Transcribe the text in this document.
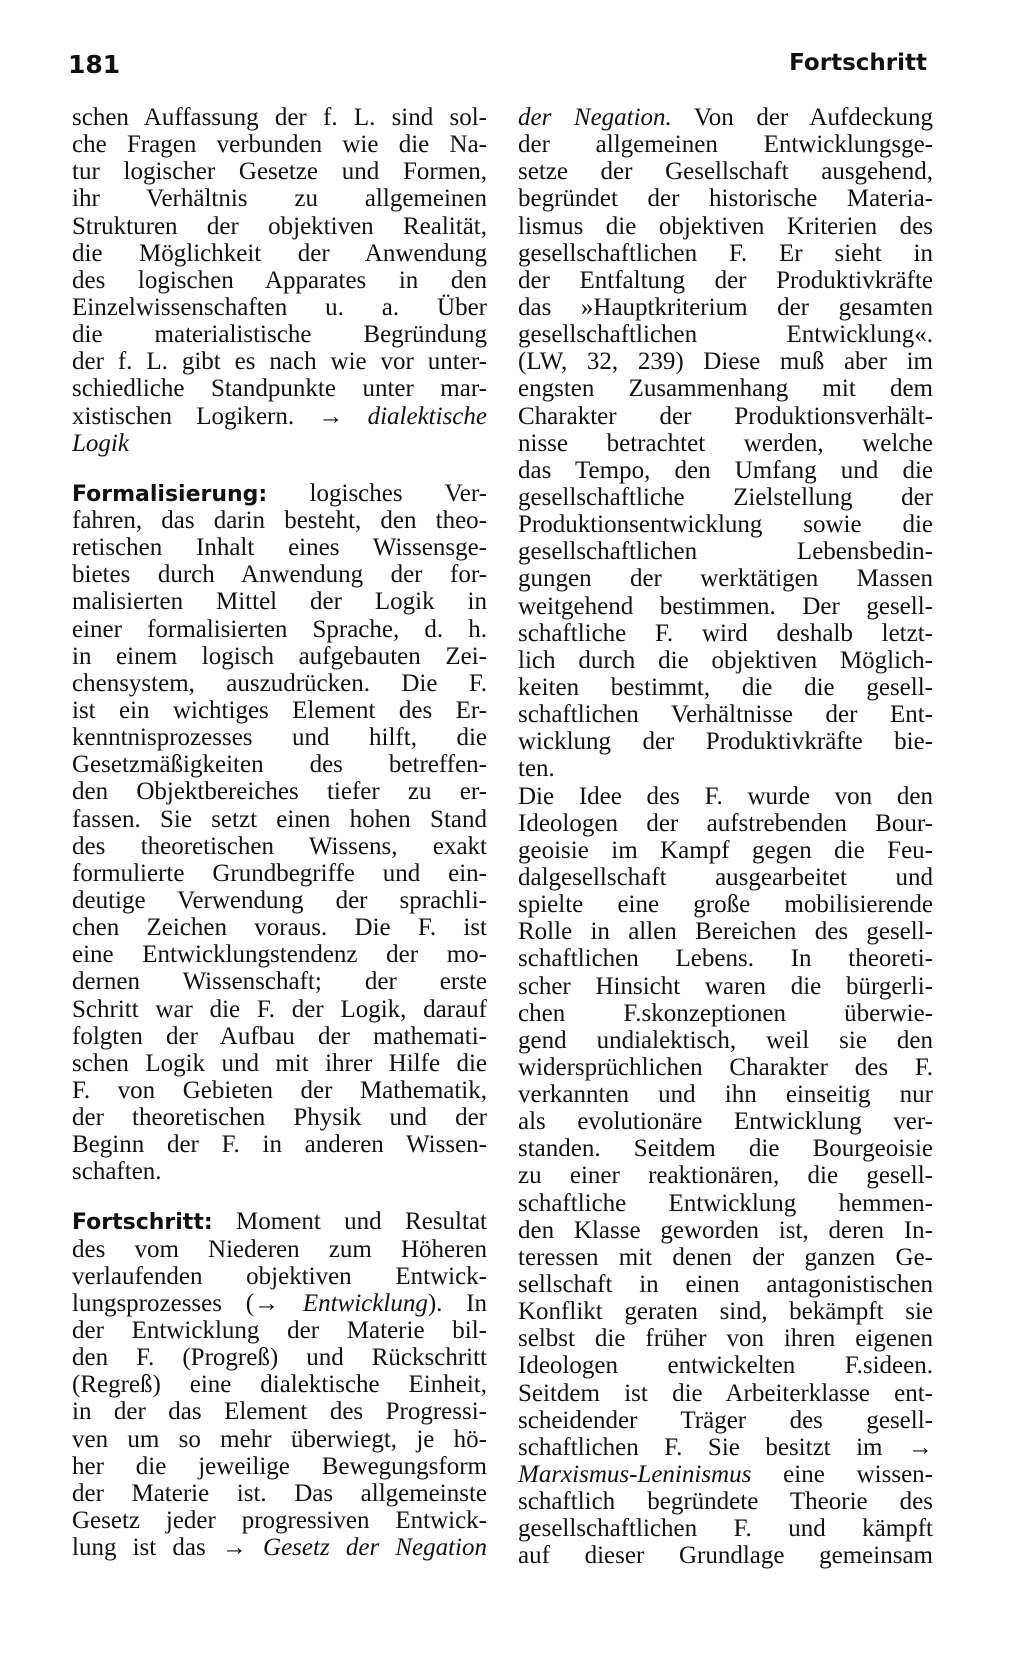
181	Fortschritt
schen Auffassung der f. L. sind sol-
che Fragen verbunden wie die Na-
tur logischer Gesetze und Formen,
ihr Verhältnis zu allgemeinen
Strukturen der objektiven Realität,
die Möglichkeit der Anwendung
des logischen Apparates in den
Einzelwissenschaften u. a. Über
die materialistische Begründung
der f. L. gibt es nach wie vor unter-
schiedliche Standpunkte unter mar-
xistischen Logikern. → dialektische
Logik
Formalisierung: logisches Ver-
fahren, das darin besteht, den theo-
retischen Inhalt eines Wissensge-
bietes durch Anwendung der for-
malisierten Mittel der Logik in
einer formalisierten Sprache, d. h.
in einem logisch aufgebauten Zei-
chensystem, auszudrücken. Die F.
ist ein wichtiges Element des Er-
kenntnisprozesses und hilft, die
Gesetzmäßigkeiten des betreffen-
den Objektbereiches tiefer zu er-
fassen. Sie setzt einen hohen Stand
des theoretischen Wissens, exakt
formulierte Grundbegriffe und ein-
deutige Verwendung der sprachli-
chen Zeichen voraus. Die F. ist
eine Entwicklungstendenz der mo-
dernen Wissenschaft; der erste
Schritt war die F. der Logik, darauf
folgten der Aufbau der mathemati-
schen Logik und mit ihrer Hilfe die
F. von Gebieten der Mathematik,
der theoretischen Physik und der
Beginn der F. in anderen Wissen-
schaften.
Fortschritt: Moment und Resultat
des vom Niederen zum Höheren
verlaufenden objektiven Entwick-
lungsprozesses (→ Entwicklung). In
der Entwicklung der Materie bil-
den F. (Progreß) und Rückschritt
(Regreß) eine dialektische Einheit,
in der das Element des Progressi-
ven um so mehr überwiegt, je hö-
her die jeweilige Bewegungsform
der Materie ist. Das allgemeinste
Gesetz jeder progressiven Entwick-
lung ist das → Gesetz der Negation
der Negation. Von der Aufdeckung
der allgemeinen Entwicklungsge-
setze der Gesellschaft ausgehend,
begründet der historische Materia-
lismus die objektiven Kriterien des
gesellschaftlichen F. Er sieht in
der Entfaltung der Produktivkräfte
das »Hauptkriterium der gesamten
gesellschaftlichen Entwicklung«.
(LW, 32, 239) Diese muß aber im
engsten Zusammenhang mit dem
Charakter der Produktionsverhält-
nisse betrachtet werden, welche
das Tempo, den Umfang und die
gesellschaftliche Zielstellung der
Produktionsentwicklung sowie die
gesellschaftlichen Lebensbedin-
gungen der werktätigen Massen
weitgehend bestimmen. Der gesell-
schaftliche F. wird deshalb letzt-
lich durch die objektiven Möglich-
keiten bestimmt, die die gesell-
schaftlichen Verhältnisse der Ent-
wicklung der Produktivkräfte bie-
ten.
Die Idee des F. wurde von den
Ideologen der aufstrebenden Bour-
geoisie im Kampf gegen die Feu-
dalgesellschaft ausgearbeitet und
spielte eine große mobilisierende
Rolle in allen Bereichen des gesell-
schaftlichen Lebens. In theoreti-
scher Hinsicht waren die bürgerli-
chen F.skonzeptionen überwie-
gend undialektisch, weil sie den
widersprüchlichen Charakter des F.
verkannten und ihn einseitig nur
als evolutionäre Entwicklung ver-
standen. Seitdem die Bourgeoisie
zu einer reaktionären, die gesell-
schaftliche Entwicklung hemmen-
den Klasse geworden ist, deren In-
teressen mit denen der ganzen Ge-
sellschaft in einen antagonistischen
Konflikt geraten sind, bekämpft sie
selbst die früher von ihren eigenen
Ideologen entwickelten F.sideen.
Seitdem ist die Arbeiterklasse ent-
scheidender Träger des gesell-
schaftlichen F. Sie besitzt im →
Marxismus-Leninismus eine wissen-
schaftlich begründete Theorie des
gesellschaftlichen F. und kämpft
auf dieser Grundlage gemeinsam
